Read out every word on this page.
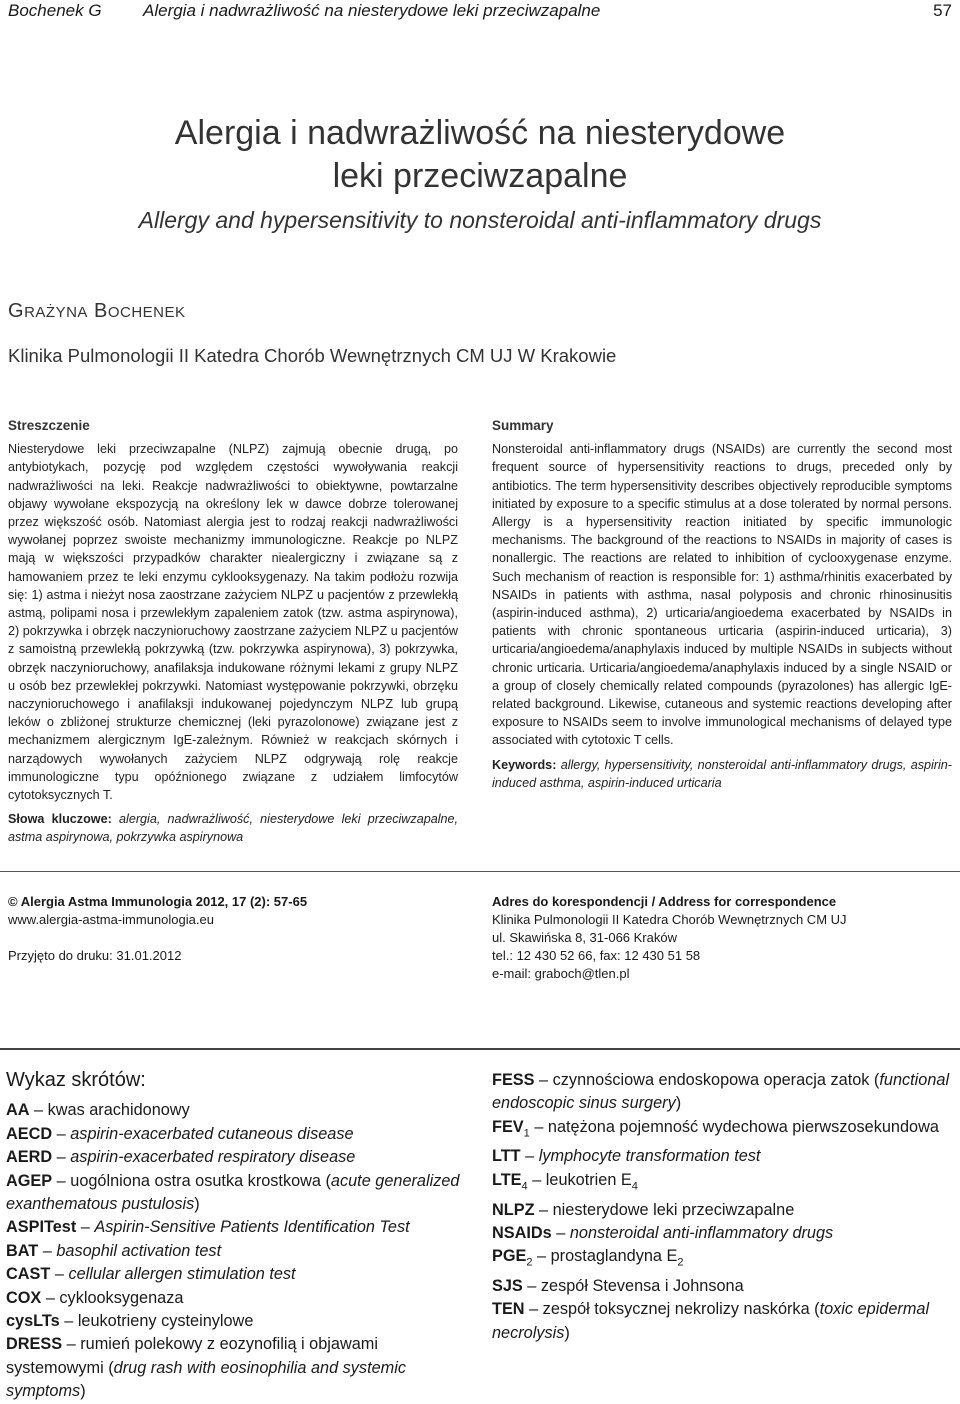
Bochenek G Alergia i nadwrażliwość na niesterydowe leki przeciwzapalne	57
Alergia i nadwrażliwość na niesterydowe
leki przeciwzapalne
Allergy and hypersensitivity to nonsteroidal anti-inflammatory drugs
GRAŻYNA BOCHENEK
Klinika Pulmonologii II Katedra Chorób Wewnętrznych CM UJ W Krakowie
Streszczenie
Niesterydowe leki przeciwzapalne (NLPZ) zajmują obecnie drugą, po antybiotykach, pozycję pod względem częstości wywoływania reakcji nadwrażliwości na leki. Reakcje nadwrażliwości to obiektywne, powtarzalne objawy wywołane ekspozycją na określony lek w dawce dobrze tolerowanej przez większość osób. Natomiast alergia jest to rodzaj reakcji nadwrażliwości wywołanej poprzez swoiste mechanizmy immunologiczne. Reakcje po NLPZ mają w większości przypadków charakter niealergiczny i związane są z hamowaniem przez te leki enzymu cyklooksygenazy. Na takim podłożu rozwija się: 1) astma i nieżyt nosa zaostrzane zażyciem NLPZ u pacjentów z przewlekłą astmą, polipami nosa i przewlekłym zapaleniem zatok (tzw. astma aspirynowa), 2) pokrzywka i obrzęk naczynioruchowy zaostrzane zażyciem NLPZ u pacjentów z samoistną przewlekłą pokrzywką (tzw. pokrzywka aspirynowa), 3) pokrzywka, obrzęk naczynioruchowy, anafilaksja indukowane różnymi lekami z grupy NLPZ u osób bez przewlekłej pokrzywki. Natomiast występowanie pokrzywki, obrzęku naczynioruchowego i anafilaksji indukowanej pojedynczym NLPZ lub grupą leków o zbliżonej strukturze chemicznej (leki pyrazolonowe) związane jest z mechanizmem alergicznym IgE-zależnym. Również w reakcjach skórnych i narządowych wywołanych zażyciem NLPZ odgrywają rolę reakcje immunologiczne typu opóźnionego związane z udziałem limfocytów cytotoksycznych T.
Słowa kluczowe: alergia, nadwrażliwość, niesterydowe leki przeciwzapalne, astma aspirynowa, pokrzywka aspirynowa
Summary
Nonsteroidal anti-inflammatory drugs (NSAIDs) are currently the second most frequent source of hypersensitivity reactions to drugs, preceded only by antibiotics. The term hypersensitivity describes objectively reproducible symptoms initiated by exposure to a specific stimulus at a dose tolerated by normal persons. Allergy is a hypersensitivity reaction initiated by specific immunologic mechanisms. The background of the reactions to NSAIDs in majority of cases is nonallergic. The reactions are related to inhibition of cyclooxygenase enzyme. Such mechanism of reaction is responsible for: 1) asthma/rhinitis exacerbated by NSAIDs in patients with asthma, nasal polyposis and chronic rhinosinusitis (aspirin-induced asthma), 2) urticaria/angioedema exacerbated by NSAIDs in patients with chronic spontaneous urticaria (aspirin-induced urticaria), 3) urticaria/angioedema/anaphylaxis induced by multiple NSAIDs in subjects without chronic urticaria. Urticaria/angioedema/anaphylaxis induced by a single NSAID or a group of closely chemically related compounds (pyrazolones) has allergic IgE-related background. Likewise, cutaneous and systemic reactions developing after exposure to NSAIDs seem to involve immunological mechanisms of delayed type associated with cytotoxic T cells.
Keywords: allergy, hypersensitivity, nonsteroidal anti-inflammatory drugs, aspirin-induced asthma, aspirin-induced urticaria
© Alergia Astma Immunologia 2012, 17 (2): 57-65
www.alergia-astma-immunologia.eu
Przyjęto do druku: 31.01.2012
Adres do korespondencji / Address for correspondence
Klinika Pulmonologii II Katedra Chorób Wewnętrznych CM UJ
ul. Skawińska 8, 31-066 Kraków
tel.: 12 430 52 66, fax: 12 430 51 58
e-mail: graboch@tlen.pl
Wykaz skrótów:
AA – kwas arachidonowy
AECD – aspirin-exacerbated cutaneous disease
AERD – aspirin-exacerbated respiratory disease
AGEP – uogólniona ostra osutka krostkowa (acute generalized exanthematous pustulosis)
ASPITest – Aspirin-Sensitive Patients Identification Test
BAT – basophil activation test
CAST – cellular allergen stimulation test
COX – cyklooksygenaza
cysLTs – leukotrieny cysteinylowe
DRESS – rumień polekowy z eozynofilią i objawami systemowymi (drug rash with eosinophilia and systemic symptoms)
FESS – czynnościowa endoskopowa operacja zatok (functional endoscopic sinus surgery)
$FEV_1$ – natężona pojemność wydechowa pierwszosekundowa
LTT – lymphocyte transformation test
$LTE_4$ – leukotrien $E_4$
NLPZ – niesterydowe leki przeciwzapalne
NSAIDs – nonsteroidal anti-inflammatory drugs
$PGE_2$ – prostaglandyna $E_2$
SJS – zespół Stevensa i Johnsona
TEN – zespół toksycznej nekrolizy naskórka (toxic epidermal necrolysis)
